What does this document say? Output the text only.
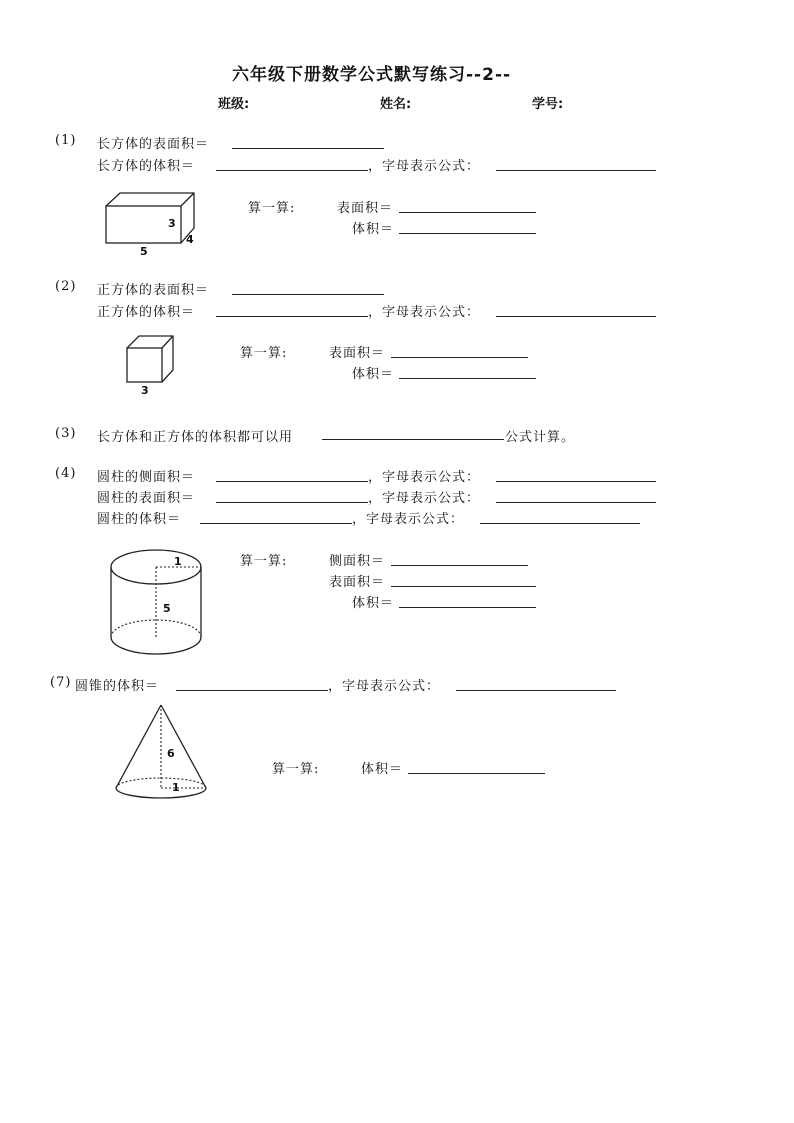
六年级下册数学公式默写练习--2--
班级:	姓名:	学号:
(1) 长方体的表面积＝
长方体的体积＝	，字母表示公式：
3
4
5
算一算:	表面积＝
体积＝
(2) 正方体的表面积＝
正方体的体积＝	，字母表示公式：
3
算一算:	表面积＝
体积＝
(3) 长方体和正方体的体积都可以用	公式计算。
(4) 圆柱的侧面积＝	，字母表示公式：
圆柱的表面积＝	，字母表示公式：
圆柱的体积＝	，字母表示公式：
1
5
算一算:	侧面积＝
表面积＝
体积＝
(7) 圆锥的体积＝	，字母表示公式：
6
1
算一算:	体积＝
